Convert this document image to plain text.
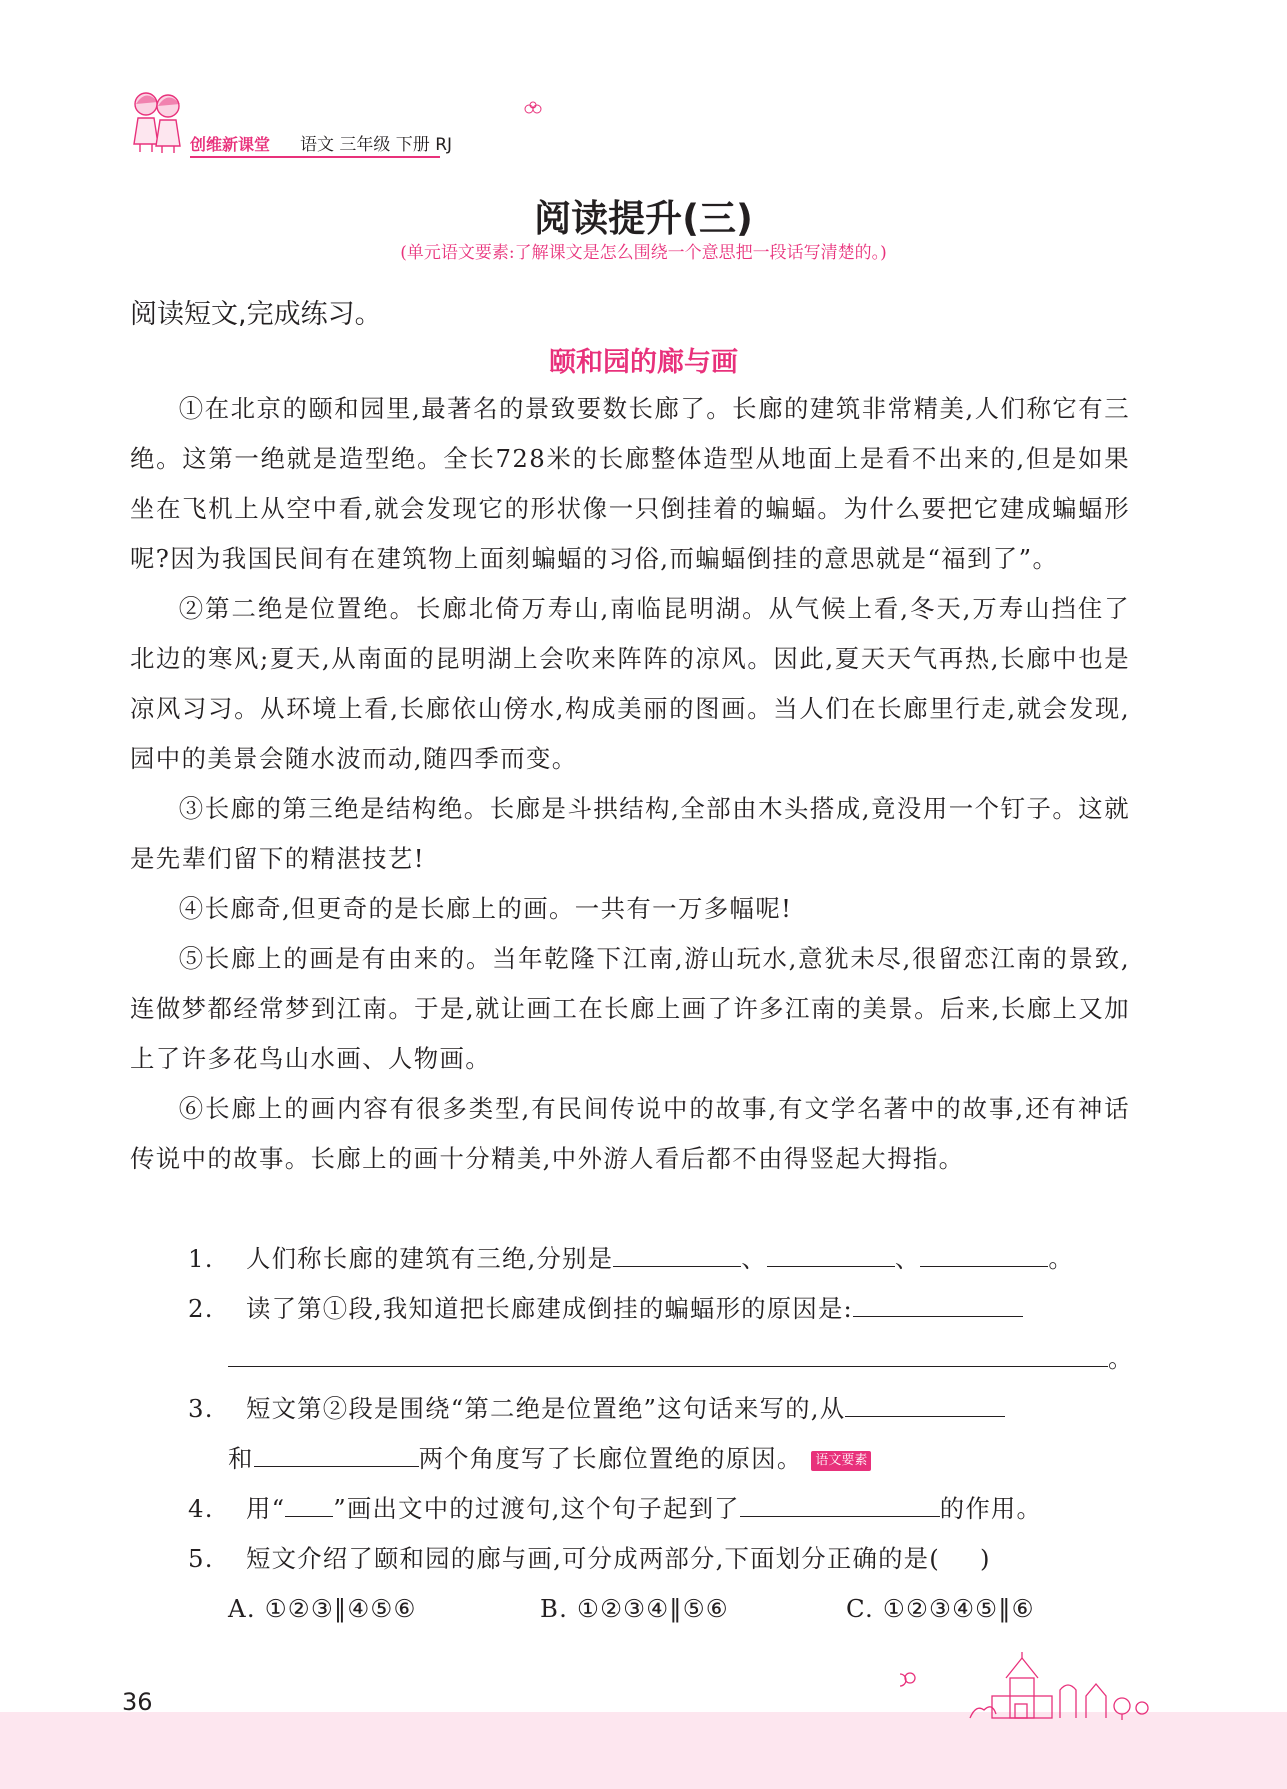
创维新课堂 语文 三年级 下册 RJ
阅读提升(三)
(单元语文要素:了解课文是怎么围绕一个意思把一段话写清楚的。)
阅读短文,完成练习。
颐和园的廊与画

①在北京的颐和园里,最著名的景致要数长廊了。长廊的建筑非常精美,人们称它有三绝。这第一绝就是造型绝。全长728米的长廊整体造型从地面上是看不出来的,但是如果坐在飞机上从空中看,就会发现它的形状像一只倒挂着的蝙蝠。为什么要把它建成蝙蝠形呢?因为我国民间有在建筑物上面刻蝙蝠的习俗,而蝙蝠倒挂的意思就是“福到了”。

②第二绝是位置绝。长廊北倚万寿山,南临昆明湖。从气候上看,冬天,万寿山挡住了北边的寒风;夏天,从南面的昆明湖上会吹来阵阵的凉风。因此,夏天天气再热,长廊中也是凉风习习。从环境上看,长廊依山傍水,构成美丽的图画。当人们在长廊里行走,就会发现,园中的美景会随水波而动,随四季而变。

③长廊的第三绝是结构绝。长廊是斗拱结构,全部由木头搭成,竟没用一个钉子。这就是先辈们留下的精湛技艺!

④长廊奇,但更奇的是长廊上的画。一共有一万多幅呢!

⑤长廊上的画是有由来的。当年乾隆下江南,游山玩水,意犹未尽,很留恋江南的景致,连做梦都经常梦到江南。于是,就让画工在长廊上画了许多江南的美景。后来,长廊上又加上了许多花鸟山水画、人物画。

⑥长廊上的画内容有很多类型,有民间传说中的故事,有文学名著中的故事,还有神话传说中的故事。长廊上的画十分精美,中外游人看后都不由得竖起大拇指。

1. 人们称长廊的建筑有三绝,分别是	、	、	。
2. 读了第①段,我知道把长廊建成倒挂的蝙蝠形的原因是:
。
3. 短文第②段是围绕“第二绝是位置绝”这句话来写的,从
和	两个角度写了长廊位置绝的原因。 语文要素
4. 用“ ”画出文中的过渡句,这个句子起到了	的作用。
5. 短文介绍了颐和园的廊与画,可分成两部分,下面划分正确的是( )
A. ①②③‖④⑤⑥	B. ①②③④‖⑤⑥	C. ①②③④⑤‖⑥
36
